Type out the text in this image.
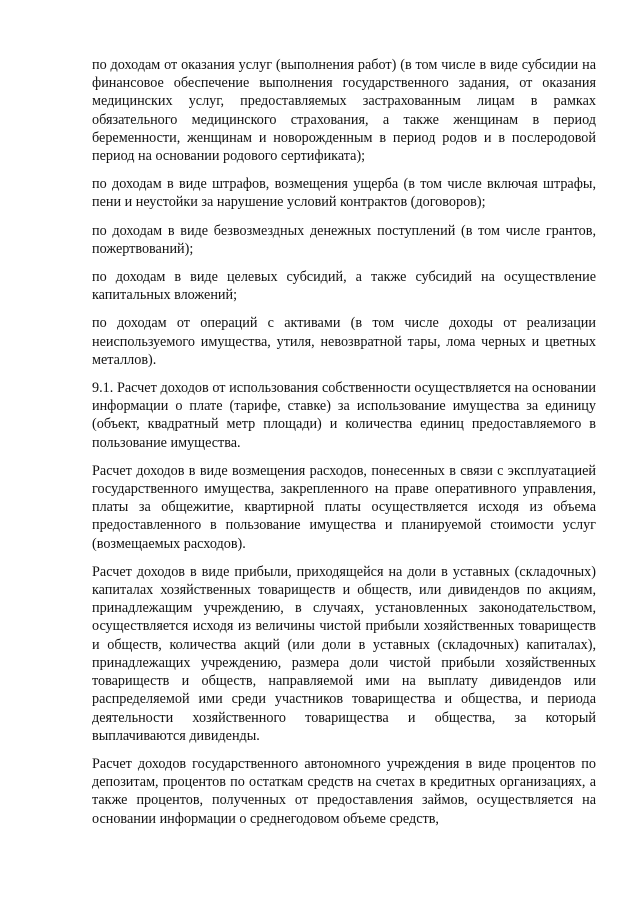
по доходам от оказания услуг (выполнения работ) (в том числе в виде субсидии на финансовое обеспечение выполнения государственного задания, от оказания медицинских услуг, предоставляемых застрахованным лицам в рамках обязательного медицинского страхования, а также женщинам в период беременности, женщинам и новорожденным в период родов и в послеродовой период на основании родового сертификата);

по доходам в виде штрафов, возмещения ущерба (в том числе включая штрафы, пени и неустойки за нарушение условий контрактов (договоров);

по доходам в виде безвозмездных денежных поступлений (в том числе грантов, пожертвований);

по доходам в виде целевых субсидий, а также субсидий на осуществление капитальных вложений;

по доходам от операций с активами (в том числе доходы от реализации неиспользуемого имущества, утиля, невозвратной тары, лома черных и цветных металлов).

9.1. Расчет доходов от использования собственности осуществляется на основании информации о плате (тарифе, ставке) за использование имущества за единицу (объект, квадратный метр площади) и количества единиц предоставляемого в пользование имущества.

Расчет доходов в виде возмещения расходов, понесенных в связи с эксплуатацией государственного имущества, закрепленного на праве оперативного управления, платы за общежитие, квартирной платы осуществляется исходя из объема предоставленного в пользование имущества и планируемой стоимости услуг (возмещаемых расходов).

Расчет доходов в виде прибыли, приходящейся на доли в уставных (складочных) капиталах хозяйственных товариществ и обществ, или дивидендов по акциям, принадлежащим учреждению, в случаях, установленных законодательством, осуществляется исходя из величины чистой прибыли хозяйственных товариществ и обществ, количества акций (или доли в уставных (складочных) капиталах), принадлежащих учреждению, размера доли чистой прибыли хозяйственных товариществ и обществ, направляемой ими на выплату дивидендов или распределяемой ими среди участников товарищества и общества, и периода деятельности хозяйственного товарищества и общества, за который выплачиваются дивиденды.

Расчет доходов государственного автономного учреждения в виде процентов по депозитам, процентов по остаткам средств на счетах в кредитных организациях, а также процентов, полученных от предоставления займов, осуществляется на основании информации о среднегодовом объеме средств,
